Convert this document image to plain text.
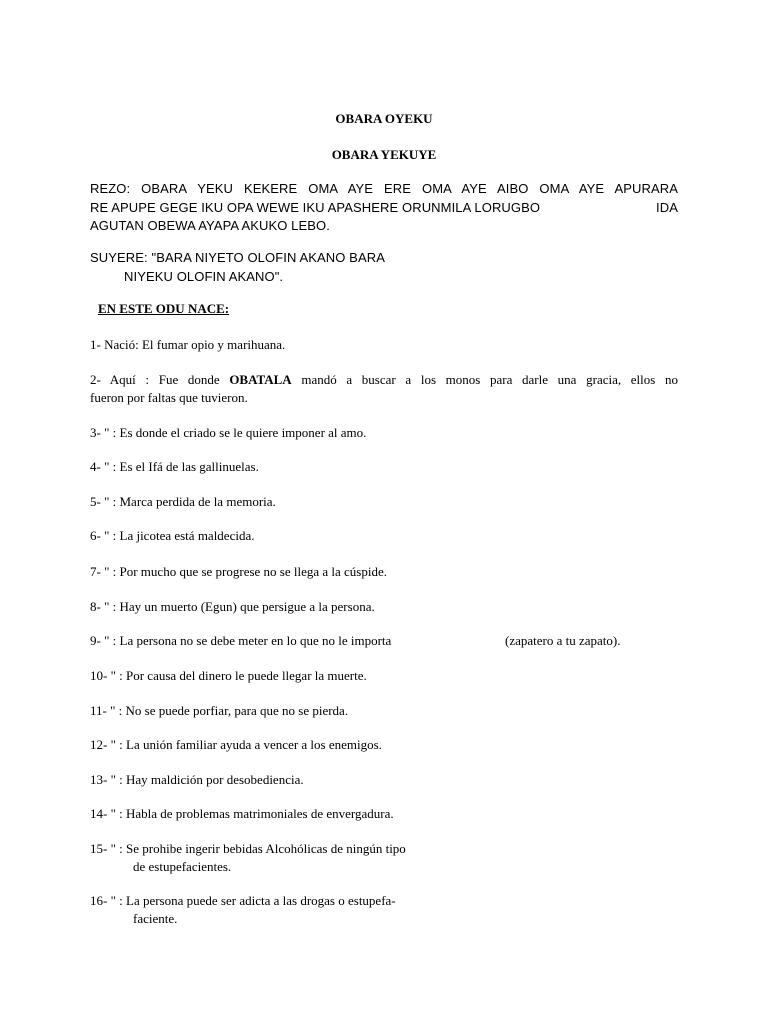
OBARA OYEKU
OBARA YEKUYE
REZO: OBARA YEKU KEKERE OMA AYE ERE OMA AYE AIBO OMA AYE APURARA
RE APUPE GEGE IKU OPA WEWE IKU APASHERE ORUNMILA LORUGBO	IDA
AGUTAN OBEWA AYAPA AKUKO LEBO.
SUYERE: "BARA NIYETO OLOFIN AKANO BARA
NIYEKU OLOFIN AKANO".
EN ESTE ODU NACE:
1- Nació: El fumar opio y marihuana.
2- Aquí : Fue donde OBATALA mandó a buscar a los monos para darle una gracia, ellos no
fueron por faltas que tuvieron.
3- " : Es donde el criado se le quiere imponer al amo.
4- " : Es el Ifá de las gallinuelas.
5- " : Marca perdida de la memoria.
6- " : La jicotea está maldecida.
7- " : Por mucho que se progrese no se llega a la cúspide.
8- " : Hay un muerto (Egun) que persigue a la persona.
9- " : La persona no se debe meter en lo que no le importa	(zapatero a tu zapato).
10- " : Por causa del dinero le puede llegar la muerte.
11- " : No se puede porfiar, para que no se pierda.
12- " : La unión familiar ayuda a vencer a los enemigos.
13- " : Hay maldición por desobediencia.
14- " : Habla de problemas matrimoniales de envergadura.
15- " : Se prohibe ingerir bebidas Alcohólicas de ningún tipo
de estupefacientes.
16- " : La persona puede ser adicta a las drogas o estupefa-
faciente.
